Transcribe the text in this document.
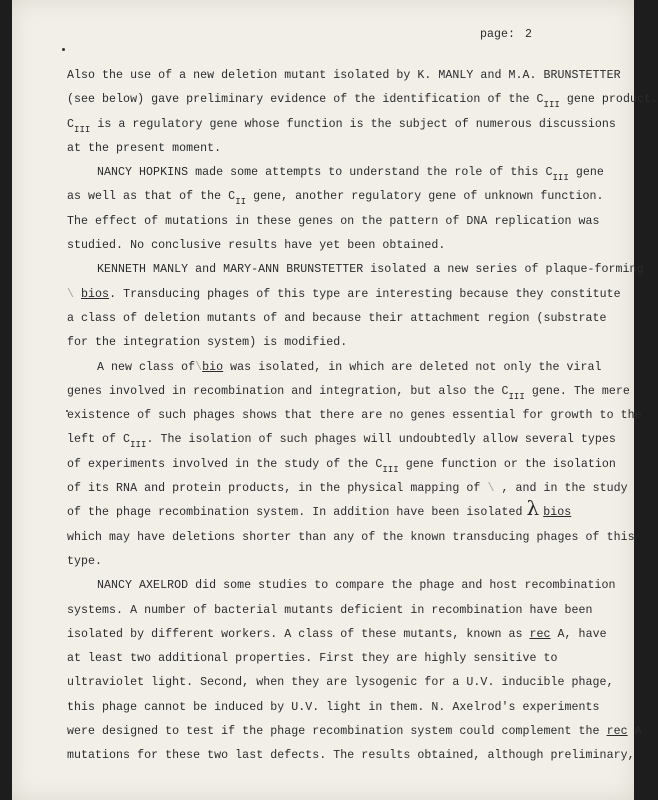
page: 2
Also the use of a new deletion mutant isolated by K. MANLY and M.A. BRUNSTETTER
(see below) gave preliminary evidence of the identification of the $C_{III}$ gene product.
$C_{III}$ is a regulatory gene whose function is the subject of numerous discussions
at the present moment.
NANCY HOPKINS made some attempts to understand the role of this $C_{III}$ gene
as well as that of the $C_{II}$ gene, another regulatory gene of unknown function.
The effect of mutations in these genes on the pattern of DNA replication was
studied. No conclusive results have yet been obtained.
KENNETH MANLY and MARY-ANN BRUNSTETTER isolated a new series of plaque-forming
\ bios. Transducing phages of this type are interesting because they constitute
a class of deletion mutants of and because their attachment region (substrate
for the integration system) is modified.
A new class of\bio was isolated, in which are deleted not only the viral
genes involved in recombination and integration, but also the $C_{III}$ gene. The mere
existence of such phages shows that there are no genes essential for growth to the
left of $C_{III}$. The isolation of such phages will undoubtedly allow several types
of experiments involved in the study of the $C_{III}$ gene function or the isolation
of its RNA and protein products, in the physical mapping of \ , and in the study
of the phage recombination system. In addition have been isolated λ bios
which may have deletions shorter than any of the known transducing phages of this
type.
NANCY AXELROD did some studies to compare the phage and host recombination
systems. A number of bacterial mutants deficient in recombination have been
isolated by different workers. A class of these mutants, known as rec A, have
at least two additional properties. First they are highly sensitive to
ultraviolet light. Second, when they are lysogenic for a U.V. inducible phage,
this phage cannot be induced by U.V. light in them. N. Axelrod's experiments
were designed to test if the phage recombination system could complement the rec A
mutations for these two last defects. The results obtained, although preliminary,
